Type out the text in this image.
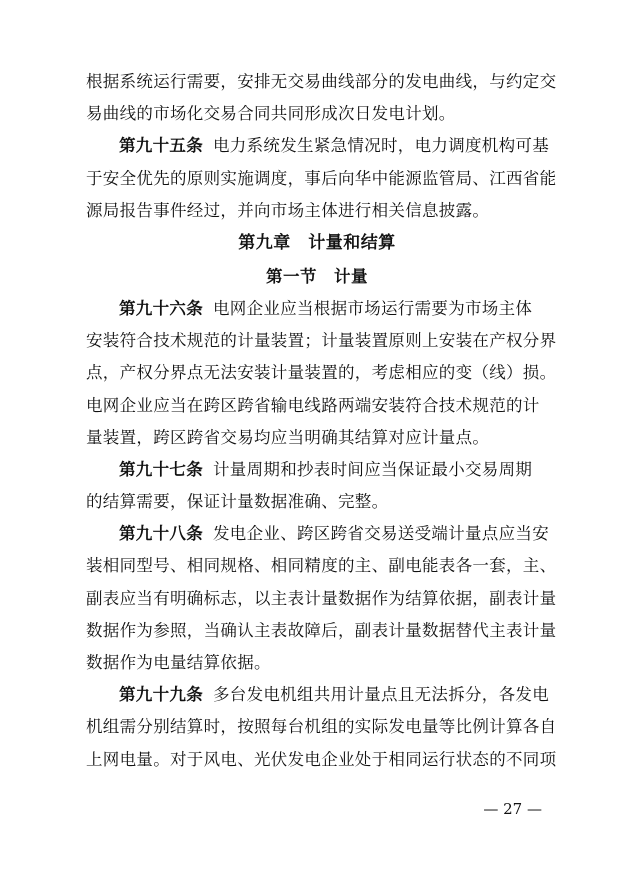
根据系统运行需要，安排无交易曲线部分的发电曲线，与约定交
易曲线的市场化交易合同共同形成次日发电计划。
第九十五条 电力系统发生紧急情况时，电力调度机构可基
于安全优先的原则实施调度，事后向华中能源监管局、江西省能
源局报告事件经过，并向市场主体进行相关信息披露。
第九章　计量和结算
第一节　计量
第九十六条 电网企业应当根据市场运行需要为市场主体
安装符合技术规范的计量装置；计量装置原则上安装在产权分界
点，产权分界点无法安装计量装置的，考虑相应的变（线）损。
电网企业应当在跨区跨省输电线路两端安装符合技术规范的计
量装置，跨区跨省交易均应当明确其结算对应计量点。
第九十七条 计量周期和抄表时间应当保证最小交易周期
的结算需要，保证计量数据准确、完整。
第九十八条 发电企业、跨区跨省交易送受端计量点应当安
装相同型号、相同规格、相同精度的主、副电能表各一套，主、
副表应当有明确标志，以主表计量数据作为结算依据，副表计量
数据作为参照，当确认主表故障后，副表计量数据替代主表计量
数据作为电量结算依据。
第九十九条 多台发电机组共用计量点且无法拆分，各发电
机组需分别结算时，按照每台机组的实际发电量等比例计算各自
上网电量。对于风电、光伏发电企业处于相同运行状态的不同项
— 27 —
